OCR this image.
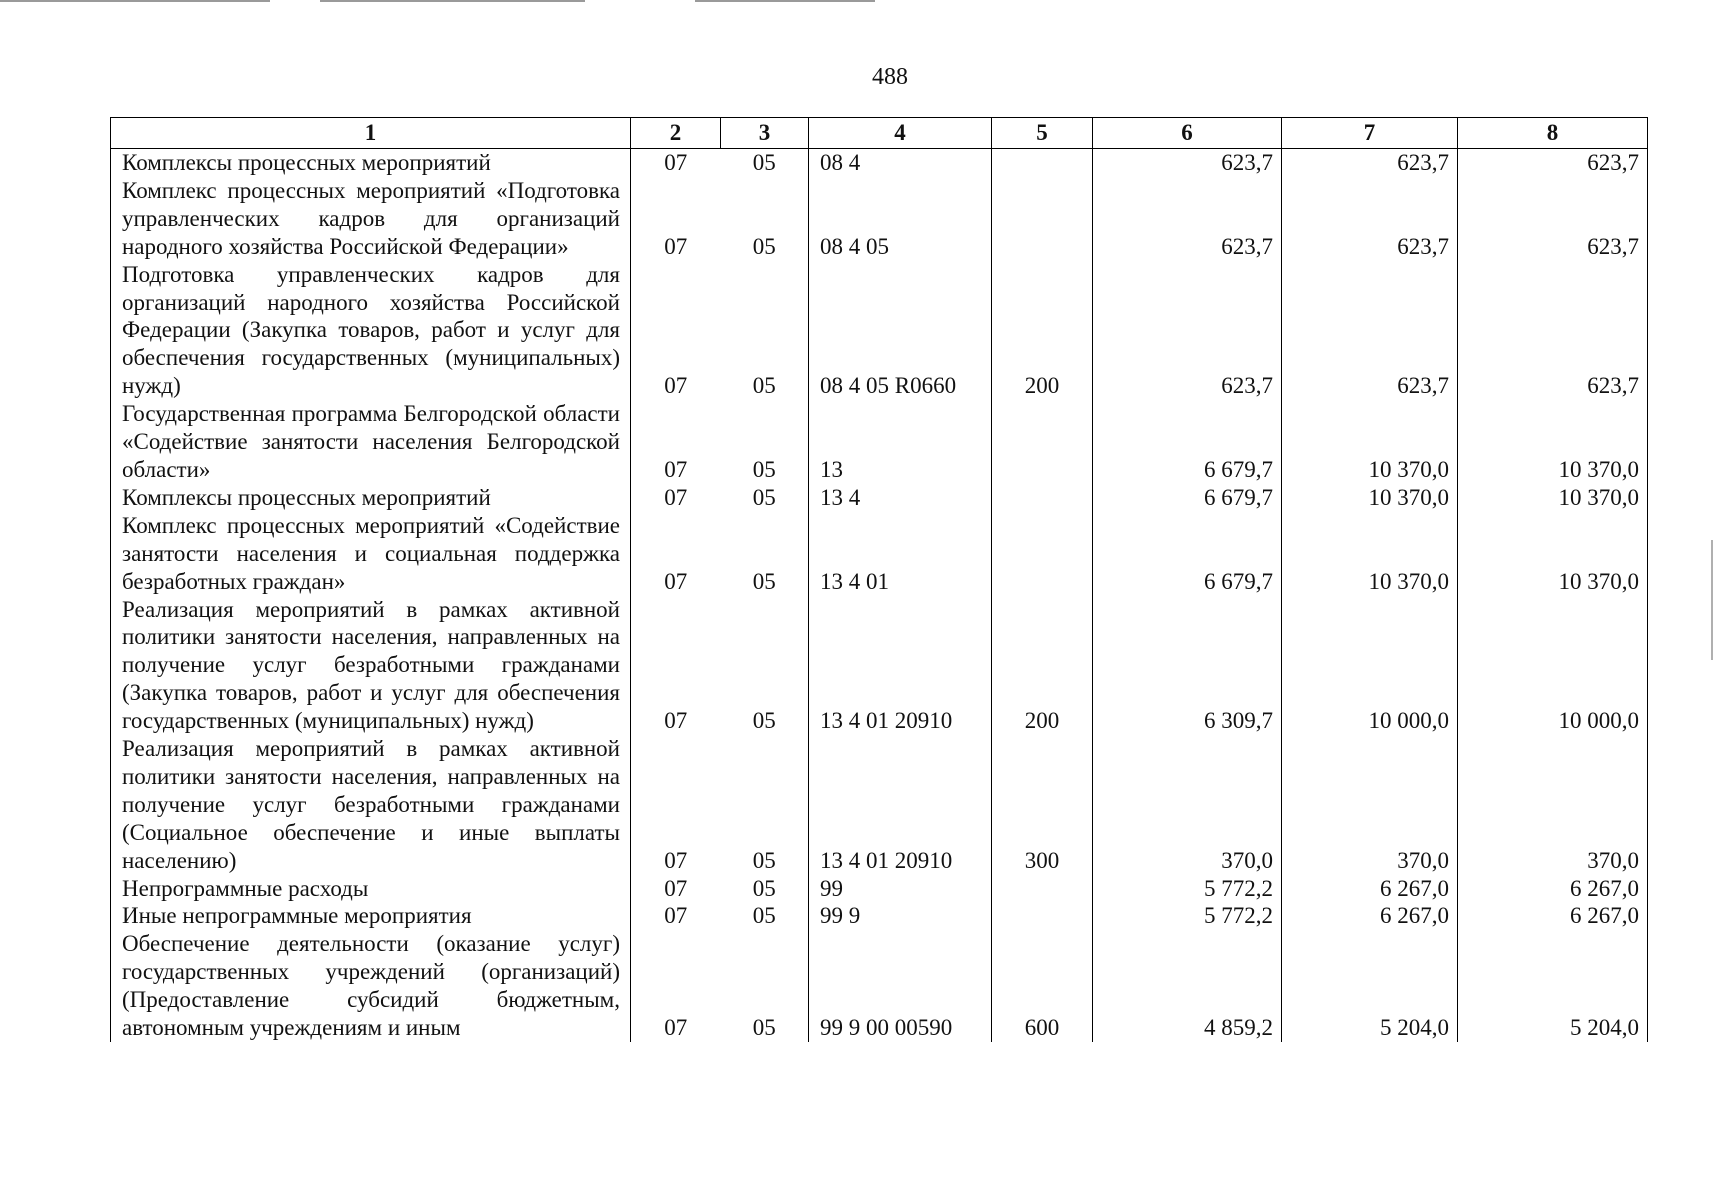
488
1	2	3	4	5	6	7	8
Комплексы процессных мероприятий	07	05	08 4		623,7	623,7	623,7
Комплекс процессных мероприятий «Подготовка управленческих кадров для организаций народного хозяйства Российской Федерации»	07	05	08 4 05		623,7	623,7	623,7
Подготовка управленческих кадров для организаций народного хозяйства Российской Федерации (Закупка товаров, работ и услуг для обеспечения государственных (муниципальных) нужд)	07	05	08 4 05 R0660	200	623,7	623,7	623,7
Государственная программа Белгородской области «Содействие занятости населения Белгородской области»	07	05	13		6 679,7	10 370,0	10 370,0
Комплексы процессных мероприятий	07	05	13 4		6 679,7	10 370,0	10 370,0
Комплекс процессных мероприятий «Содействие занятости населения и социальная поддержка безработных граждан»	07	05	13 4 01		6 679,7	10 370,0	10 370,0
Реализация мероприятий в рамках активной политики занятости населения, направленных на получение услуг безработными гражданами (Закупка товаров, работ и услуг для обеспечения государственных (муниципальных) нужд)	07	05	13 4 01 20910	200	6 309,7	10 000,0	10 000,0
Реализация мероприятий в рамках активной политики занятости населения, направленных на получение услуг безработными гражданами (Социальное обеспечение и иные выплаты населению)	07	05	13 4 01 20910	300	370,0	370,0	370,0
Непрограммные расходы	07	05	99		5 772,2	6 267,0	6 267,0
Иные непрограммные мероприятия	07	05	99 9		5 772,2	6 267,0	6 267,0
Обеспечение деятельности (оказание услуг) государственных учреждений (организаций) (Предоставление субсидий бюджетным, автономным учреждениям и иным	07	05	99 9 00 00590	600	4 859,2	5 204,0	5 204,0
